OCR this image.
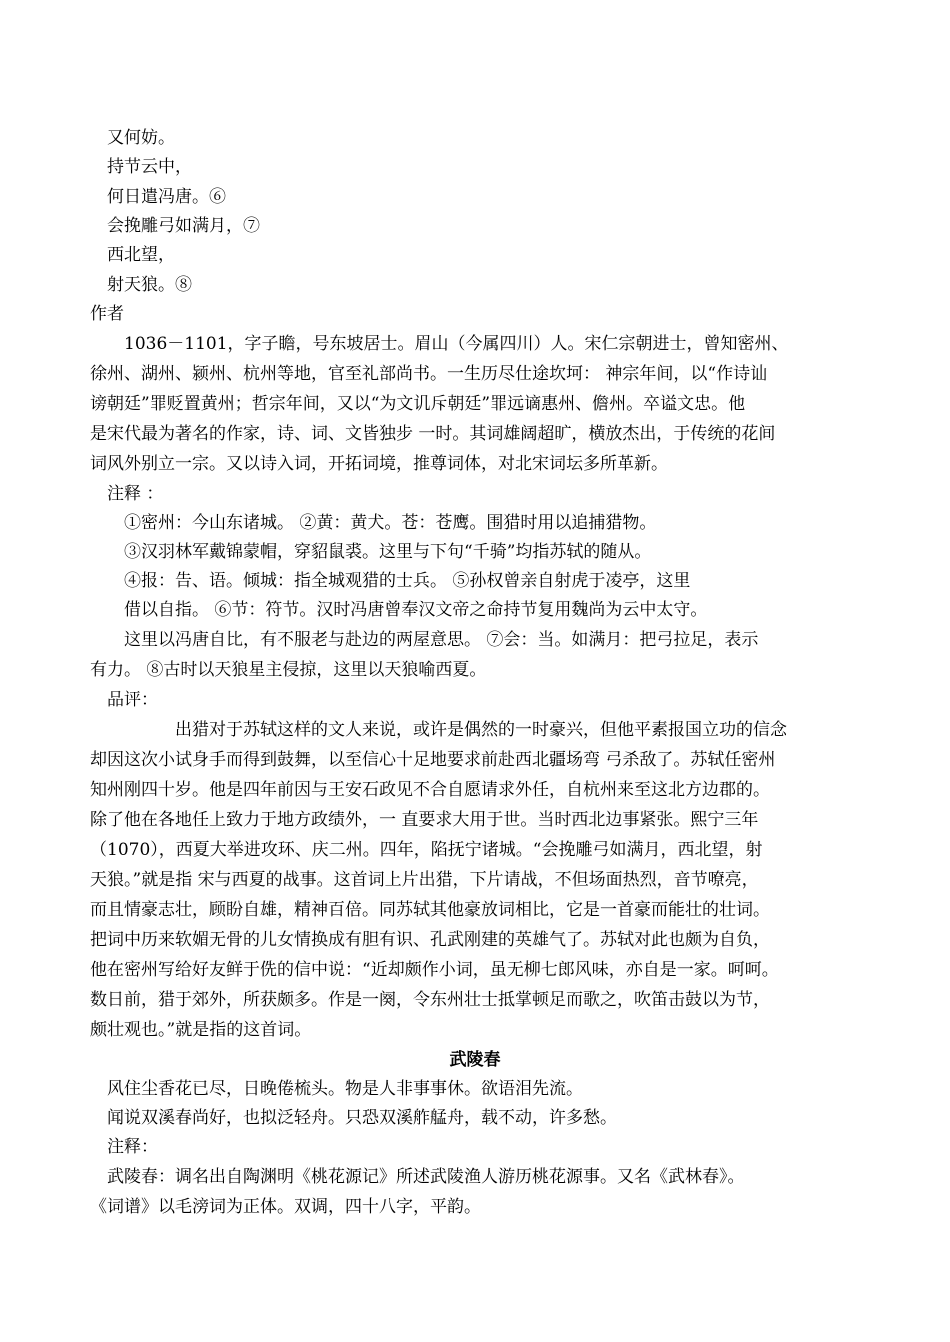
又何妨。
持节云中，
何日遣冯唐。⑥
会挽雕弓如满月，⑦
西北望，
射天狼。⑧
作者
1036－1101，字子瞻，号东坡居士。眉山（今属四川）人。宋仁宗朝进士，曾知密州、
徐州、湖州、颍州、杭州等地，官至礼部尚书。一生历尽仕途坎坷： 神宗年间，以“作诗讪
谤朝廷”罪贬置黄州；哲宗年间，又以“为文讥斥朝廷”罪远谪惠州、儋州。卒谥文忠。他
是宋代最为著名的作家，诗、词、文皆独步 一时。其词雄阔超旷，横放杰出，于传统的花间
词风外别立一宗。又以诗入词，开拓词境，推尊词体，对北宋词坛多所革新。
注释 ：
①密州：今山东诸城。 ②黄：黄犬。苍：苍鹰。围猎时用以追捕猎物。
③汉羽林军戴锦蒙帽，穿貂鼠裘。这里与下句“千骑”均指苏轼的随从。
④报：告、语。倾城：指全城观猎的士兵。 ⑤孙权曾亲自射虎于凌亭，这里
借以自指。 ⑥节：符节。汉时冯唐曾奉汉文帝之命持节复用魏尚为云中太守。
这里以冯唐自比，有不服老与赴边的两屋意思。 ⑦会：当。如满月：把弓拉足，表示
有力。 ⑧古时以天狼星主侵掠，这里以天狼喻西夏。
品评：
出猎对于苏轼这样的文人来说，或许是偶然的一时豪兴，但他平素报国立功的信念
却因这次小试身手而得到鼓舞，以至信心十足地要求前赴西北疆场弯 弓杀敌了。苏轼任密州
知州刚四十岁。他是四年前因与王安石政见不合自愿请求外任，自杭州来至这北方边郡的。
除了他在各地任上致力于地方政绩外，一 直要求大用于世。当时西北边事紧张。熙宁三年
（1070），西夏大举进攻环、庆二州。四年，陷抚宁诸城。“会挽雕弓如满月，西北望，射
天狼。”就是指 宋与西夏的战事。这首词上片出猎，下片请战，不但场面热烈，音节嘹亮，
而且情豪志壮，顾盼自雄，精神百倍。同苏轼其他豪放词相比，它是一首豪而能壮的壮词。
把词中历来软媚无骨的儿女情换成有胆有识、孔武刚建的英雄气了。苏轼对此也颇为自负，
他在密州写给好友鲜于侁的信中说：“近却颇作小词，虽无柳七郎风味，亦自是一家。呵呵。
数日前，猎于郊外，所获颇多。作是一阕，令东州壮士抵掌顿足而歌之，吹笛击鼓以为节，
颇壮观也。”就是指的这首词。
武陵春
风住尘香花已尽，日晚倦梳头。物是人非事事休。欲语泪先流。
闻说双溪春尚好，也拟泛轻舟。只恐双溪舴艋舟，载不动，许多愁。
注释：
武陵春：调名出自陶渊明《桃花源记》所述武陵渔人游历桃花源事。又名《武林春》。
《词谱》以毛滂词为正体。双调，四十八字，平韵。
